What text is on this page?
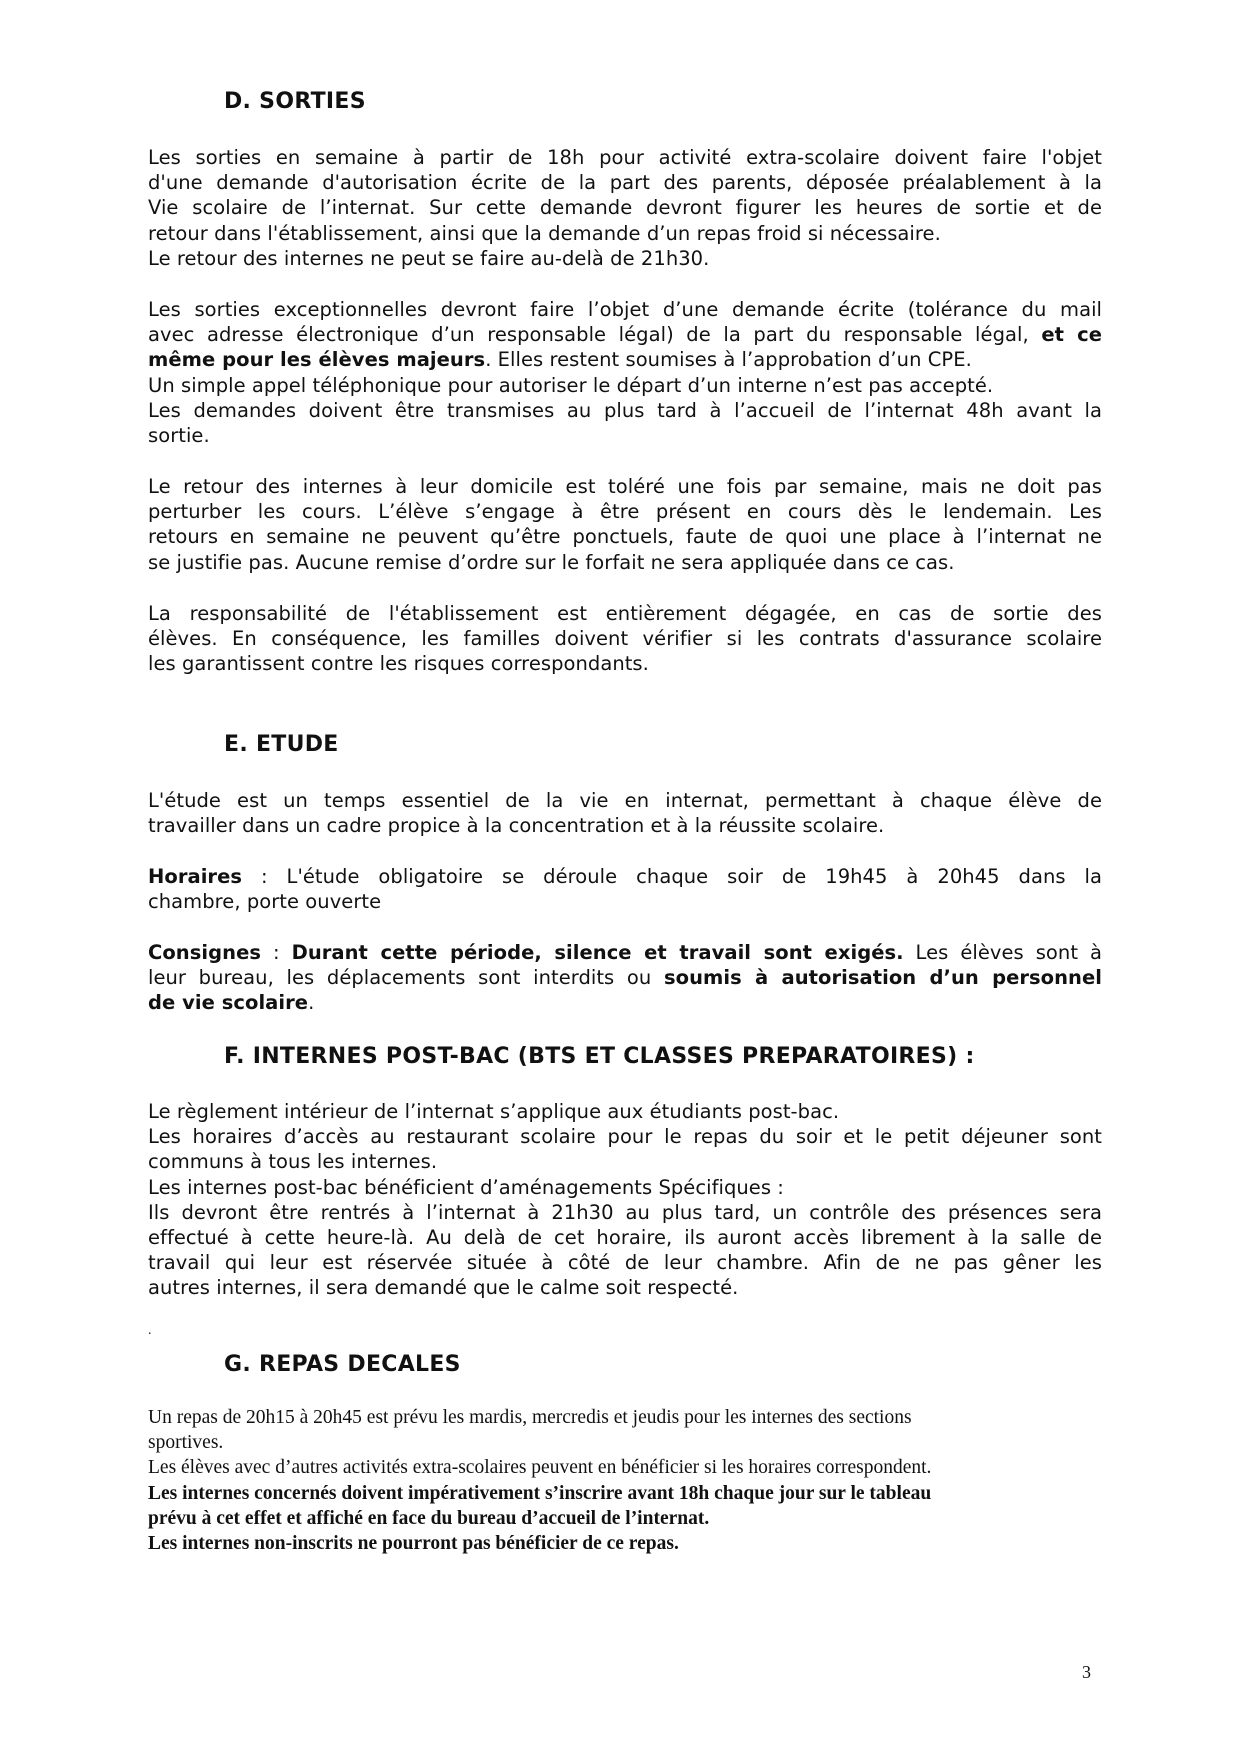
D. SORTIES

Les sorties en semaine à partir de 18h pour activité extra-scolaire doivent faire l'objet
d'une demande d'autorisation écrite de la part des parents, déposée préalablement à la
Vie scolaire de l’internat. Sur cette demande devront figurer les heures de sortie et de
retour dans l'établissement, ainsi que la demande d’un repas froid si nécessaire.
Le retour des internes ne peut se faire au-delà de 21h30.

Les sorties exceptionnelles devront faire l’objet d’une demande écrite (tolérance du mail
avec adresse électronique d’un responsable légal) de la part du responsable légal, et ce
même pour les élèves majeurs. Elles restent soumises à l’approbation d’un CPE.
Un simple appel téléphonique pour autoriser le départ d’un interne n’est pas accepté.
Les demandes doivent être transmises au plus tard à l’accueil de l’internat 48h avant la
sortie.

Le retour des internes à leur domicile est toléré une fois par semaine, mais ne doit pas
perturber les cours. L’élève s’engage à être présent en cours dès le lendemain. Les
retours en semaine ne peuvent qu’être ponctuels, faute de quoi une place à l’internat ne
se justifie pas. Aucune remise d’ordre sur le forfait ne sera appliquée dans ce cas.

La responsabilité de l'établissement est entièrement dégagée, en cas de sortie des
élèves. En conséquence, les familles doivent vérifier si les contrats d'assurance scolaire
les garantissent contre les risques correspondants.

E. ETUDE

L'étude est un temps essentiel de la vie en internat, permettant à chaque élève de
travailler dans un cadre propice à la concentration et à la réussite scolaire.

Horaires : L'étude obligatoire se déroule chaque soir de 19h45 à 20h45 dans la
chambre, porte ouverte

Consignes : Durant cette période, silence et travail sont exigés. Les élèves sont à
leur bureau, les déplacements sont interdits ou soumis à autorisation d’un personnel
de vie scolaire.

F. INTERNES POST-BAC (BTS ET CLASSES PREPARATOIRES) :

Le règlement intérieur de l’internat s’applique aux étudiants post-bac.
Les horaires d’accès au restaurant scolaire pour le repas du soir et le petit déjeuner sont
communs à tous les internes.
Les internes post-bac bénéficient d’aménagements Spécifiques :
Ils devront être rentrés à l’internat à 21h30 au plus tard, un contrôle des présences sera
effectué à cette heure-là. Au delà de cet horaire, ils auront accès librement à la salle de
travail qui leur est réservée située à côté de leur chambre. Afin de ne pas gêner les
autres internes, il sera demandé que le calme soit respecté.

.
G. REPAS DECALES

Un repas de 20h15 à 20h45 est prévu les mardis, mercredis et jeudis pour les internes des sections
sportives.
Les élèves avec d’autres activités extra-scolaires peuvent en bénéficier si les horaires correspondent.
Les internes concernés doivent impérativement s’inscrire avant 18h chaque jour sur le tableau
prévu à cet effet et affiché en face du bureau d’accueil de l’internat.
Les internes non-inscrits ne pourront pas bénéficier de ce repas.

3
